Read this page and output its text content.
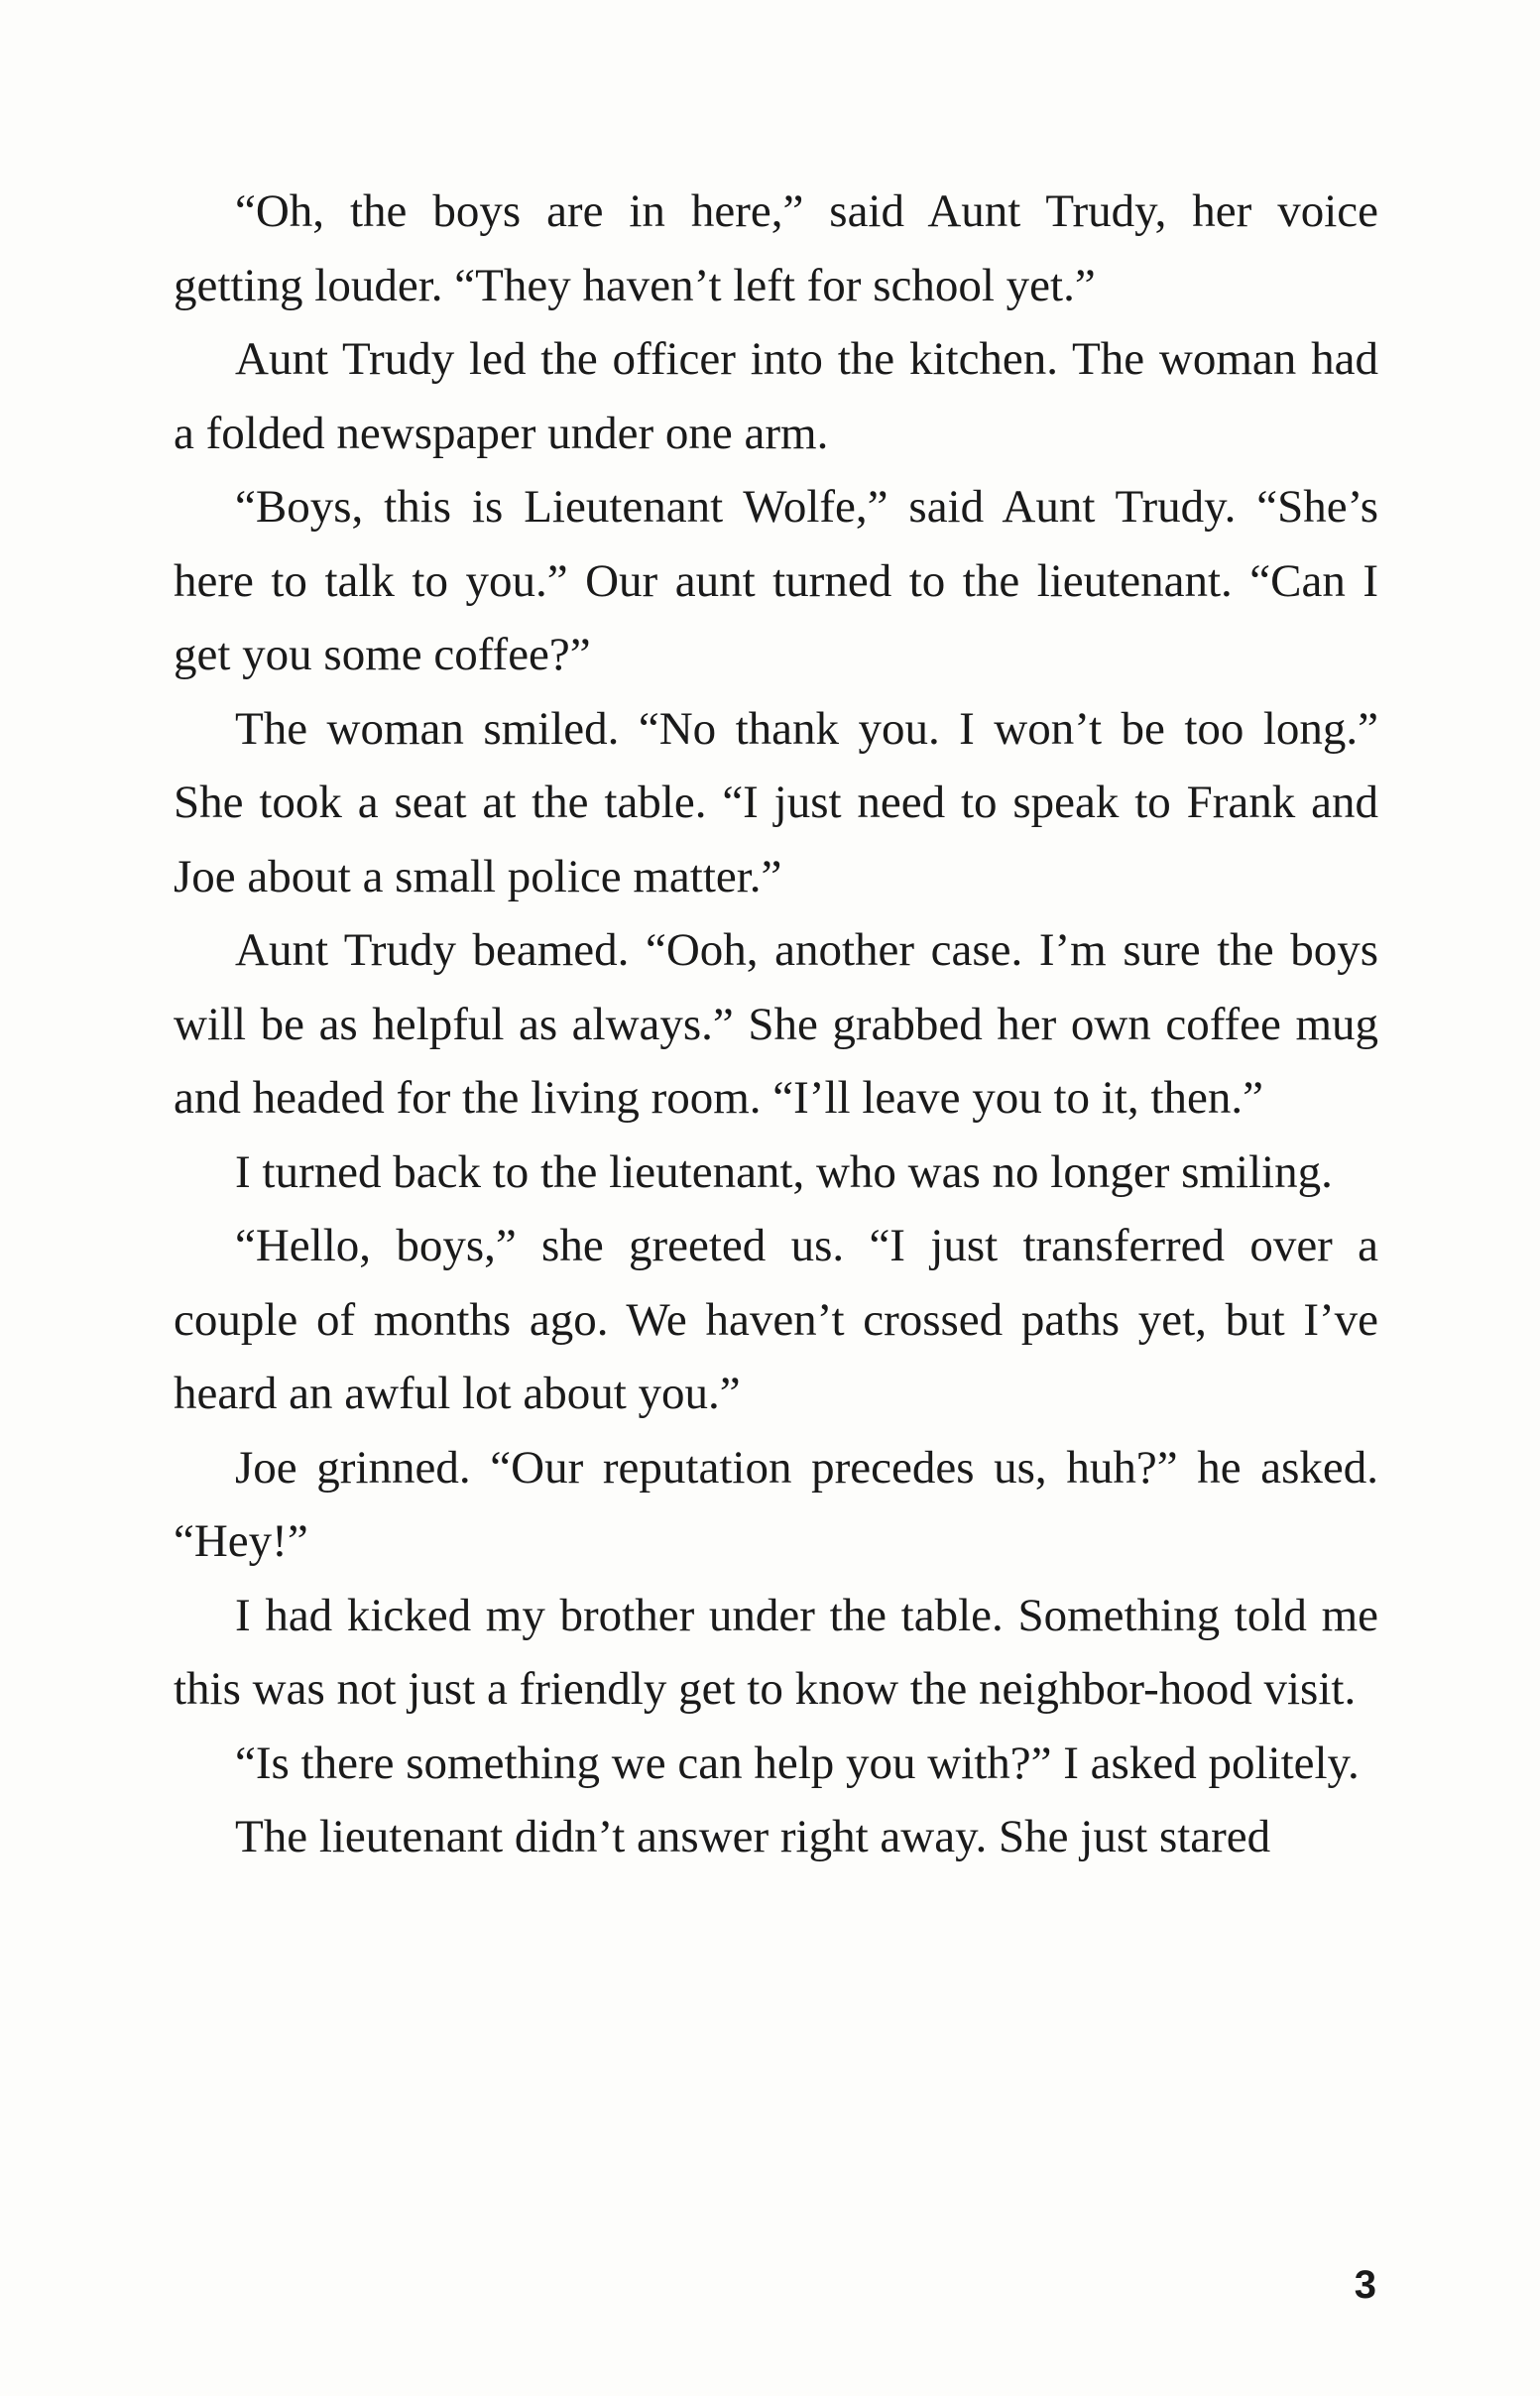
“Oh, the boys are in here,” said Aunt Trudy, her voice getting louder. “They haven’t left for school yet.”

Aunt Trudy led the officer into the kitchen. The woman had a folded newspaper under one arm.

“Boys, this is Lieutenant Wolfe,” said Aunt Trudy. “She’s here to talk to you.” Our aunt turned to the lieutenant. “Can I get you some coffee?”

The woman smiled. “No thank you. I won’t be too long.” She took a seat at the table. “I just need to speak to Frank and Joe about a small police matter.”

Aunt Trudy beamed. “Ooh, another case. I’m sure the boys will be as helpful as always.” She grabbed her own coffee mug and headed for the living room. “I’ll leave you to it, then.”

I turned back to the lieutenant, who was no longer smiling.

“Hello, boys,” she greeted us. “I just transferred over a couple of months ago. We haven’t crossed paths yet, but I’ve heard an awful lot about you.”

Joe grinned. “Our reputation precedes us, huh?” he asked. “Hey!”

I had kicked my brother under the table. Something told me this was not just a friendly get to know the neighbor-hood visit.

“Is there something we can help you with?” I asked politely.

The lieutenant didn’t answer right away. She just stared

3
